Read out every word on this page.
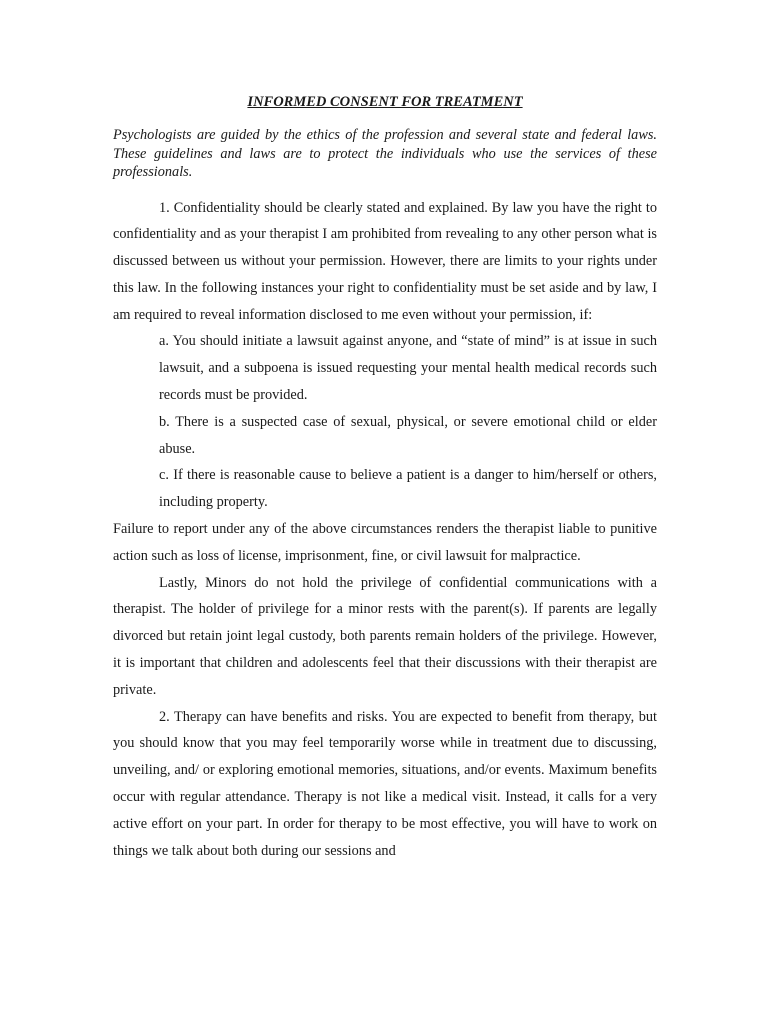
INFORMED CONSENT FOR TREATMENT

Psychologists are guided by the ethics of the profession and several state and federal laws. These guidelines and laws are to protect the individuals who use the services of these professionals.

1. Confidentiality should be clearly stated and explained. By law you have the right to confidentiality and as your therapist I am prohibited from revealing to any other person what is discussed between us without your permission. However, there are limits to your rights under this law. In the following instances your right to confidentiality must be set aside and by law, I am required to reveal information disclosed to me even without your permission, if:

a. You should initiate a lawsuit against anyone, and “state of mind” is at issue in such lawsuit, and a subpoena is issued requesting your mental health medical records such records must be provided.

b. There is a suspected case of sexual, physical, or severe emotional child or elder abuse.

c. If there is reasonable cause to believe a patient is a danger to him/herself or others, including property.

Failure to report under any of the above circumstances renders the therapist liable to punitive action such as loss of license, imprisonment, fine, or civil lawsuit for malpractice.

Lastly, Minors do not hold the privilege of confidential communications with a therapist. The holder of privilege for a minor rests with the parent(s). If parents are legally divorced but retain joint legal custody, both parents remain holders of the privilege. However, it is important that children and adolescents feel that their discussions with their therapist are private.

2. Therapy can have benefits and risks. You are expected to benefit from therapy, but you should know that you may feel temporarily worse while in treatment due to discussing, unveiling, and/ or exploring emotional memories, situations, and/or events. Maximum benefits occur with regular attendance. Therapy is not like a medical visit. Instead, it calls for a very active effort on your part. In order for therapy to be most effective, you will have to work on things we talk about both during our sessions and
